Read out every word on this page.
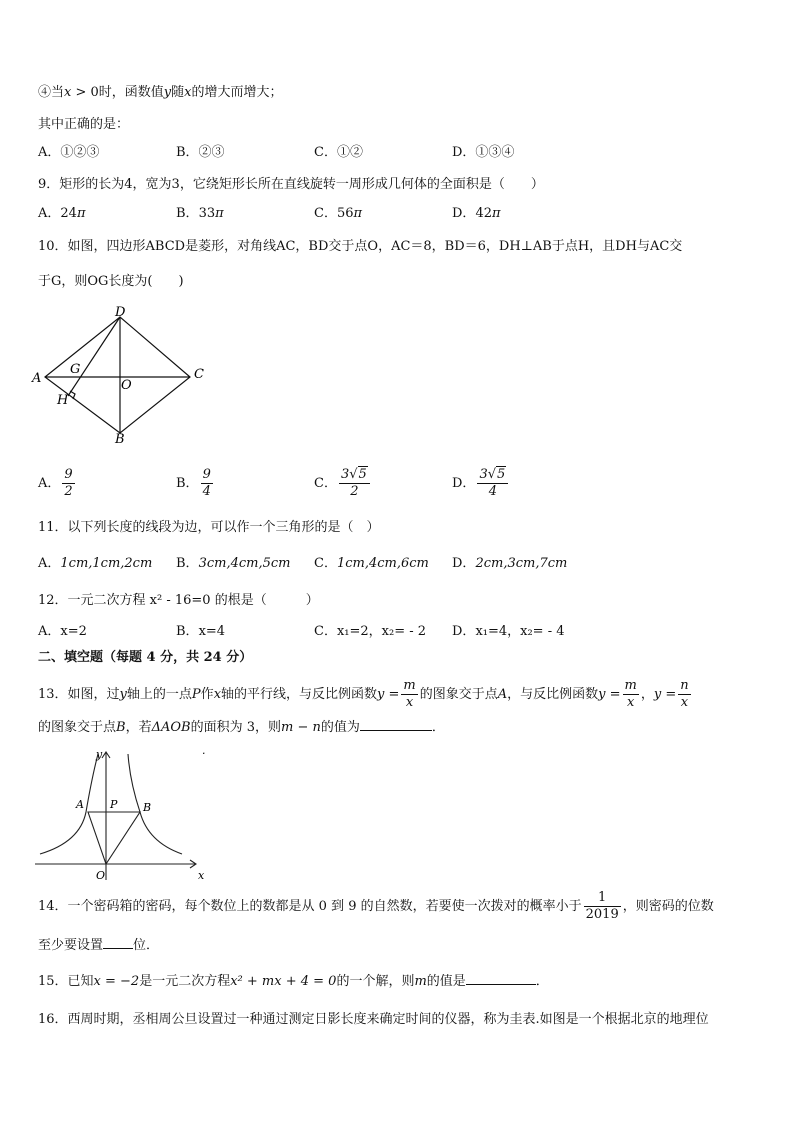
④当x > 0时，函数值y随x的增大而增大；
其中正确的是：
A．①②③	B．②③	C．①②	D．①③④
9．矩形的长为4，宽为3，它绕矩形长所在直线旋转一周形成几何体的全面积是（　　）
A．24π	B．33π	C．56π	D．42π
10．如图，四边形ABCD是菱形，对角线AC，BD交于点O，AC＝8，BD＝6，DH⊥AB于点H，且DH与AC交
于G，则OG长度为(　　)
A
D
C
B
O
G
H
A． $\frac{9}{2}$	B． $\frac{9}{4}$	C． $\frac{3√5}{2}$	D． $\frac{3√5}{4}$
11．以下列长度的线段为边，可以作一个三角形的是（　）
A．1cm,1cm,2cm B．3cm,4cm,5cm C．1cm,4cm,6cm D．2cm,3cm,7cm
12．一元二次方程 x² - 16=0 的根是（　　　）
A．x=2	B．x=4	C．x₁=2，x₂= - 2 D．x₁=4，x₂= - 4
二、填空题（每题 4 分，共 24 分）
13．如图，过y轴上的一点P作x轴的平行线，与反比例函数$y = \frac{m}{x}$ 的图象交于点A，与反比例函数$y = \frac{m}{x}$ ，$y = \frac{n}{x}$
的图象交于点B，若ΔAOB的面积为 3，则m − n的值为	．
y
x
A P B
O
.
14．一个密码箱的密码，每个数位上的数都是从 0 到 9 的自然数，若要使一次拨对的概率小于 $\frac{1}{2019}$ ，则密码的位数
至少要设置 位．
15．已知x = −2是一元二次方程x² + mx + 4 = 0的一个解，则m的值是	．
16．西周时期，丞相周公旦设置过一种通过测定日影长度来确定时间的仪器，称为圭表.如图是一个根据北京的地理位
